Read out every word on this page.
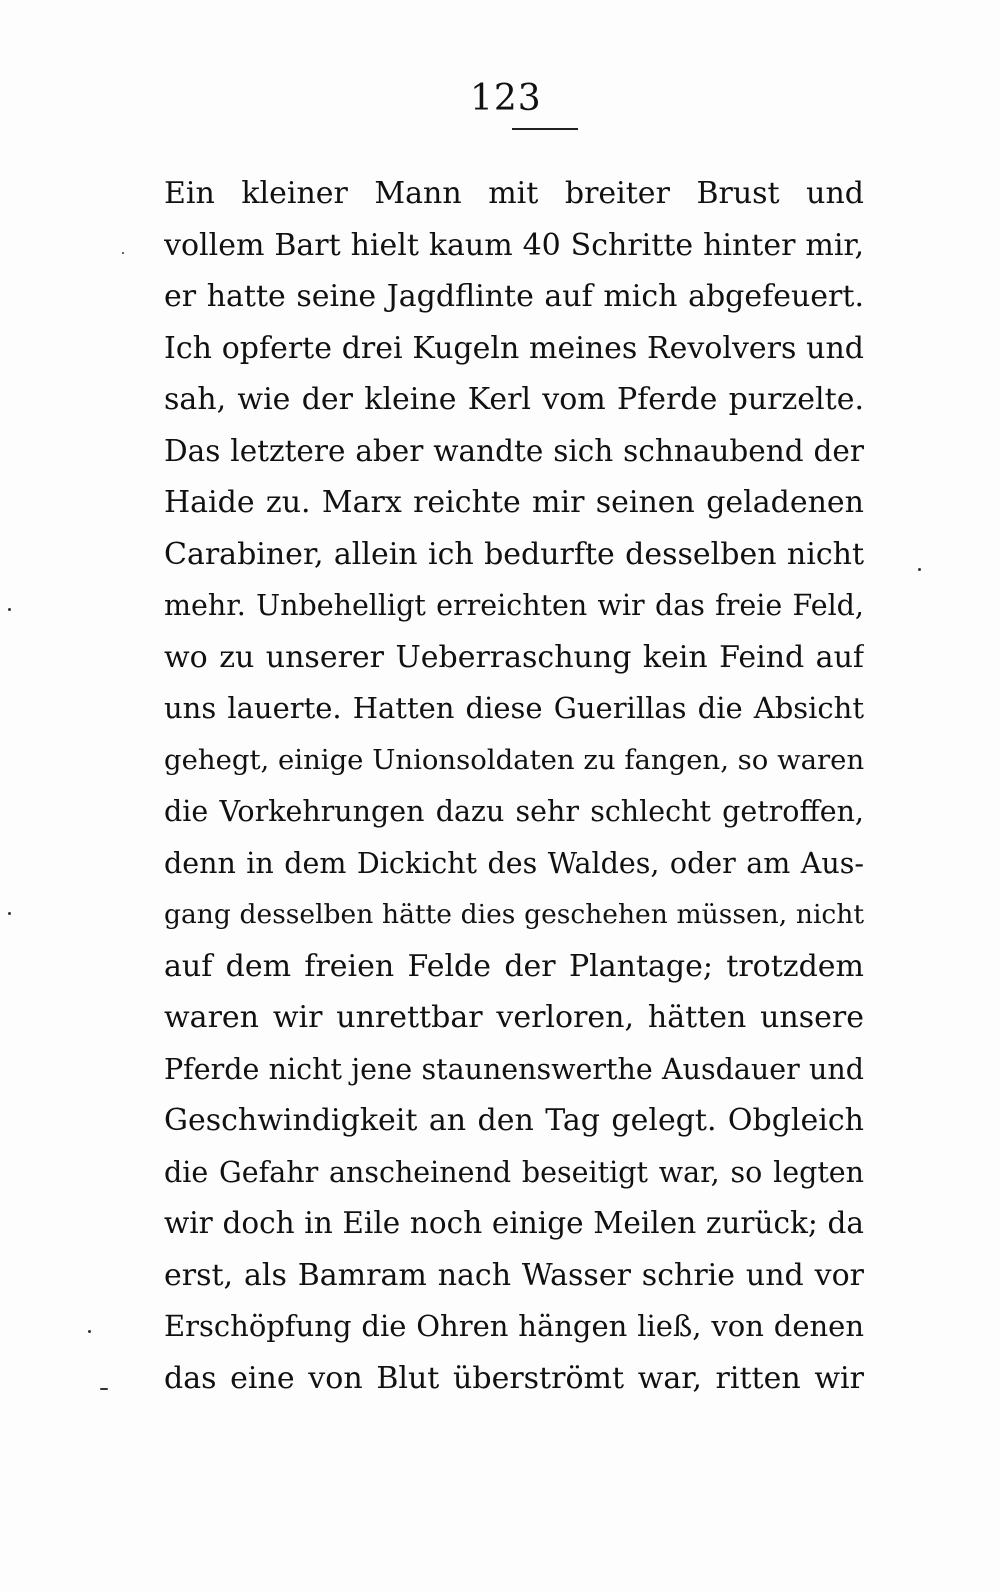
123
Ein kleiner Mann mit breiter Brust und
vollem Bart hielt kaum 40 Schritte hinter mir,
er hatte seine Jagdflinte auf mich abgefeuert.
Ich opferte drei Kugeln meines Revolvers und
sah, wie der kleine Kerl vom Pferde purzelte.
Das letztere aber wandte sich schnaubend der
Haide zu. Marx reichte mir seinen geladenen
Carabiner, allein ich bedurfte desselben nicht
mehr. Unbehelligt erreichten wir das freie Feld,
wo zu unserer Ueberraschung kein Feind auf
uns lauerte. Hatten diese Guerillas die Absicht
gehegt, einige Unionsoldaten zu fangen, so waren
die Vorkehrungen dazu sehr schlecht getroffen,
denn in dem Dickicht des Waldes, oder am Aus-
gang desselben hätte dies geschehen müssen, nicht
auf dem freien Felde der Plantage; trotzdem
waren wir unrettbar verloren, hätten unsere
Pferde nicht jene staunenswerthe Ausdauer und
Geschwindigkeit an den Tag gelegt. Obgleich
die Gefahr anscheinend beseitigt war, so legten
wir doch in Eile noch einige Meilen zurück; da
erst, als Bamram nach Wasser schrie und vor
Erschöpfung die Ohren hängen ließ, von denen
das eine von Blut überströmt war, ritten wir
